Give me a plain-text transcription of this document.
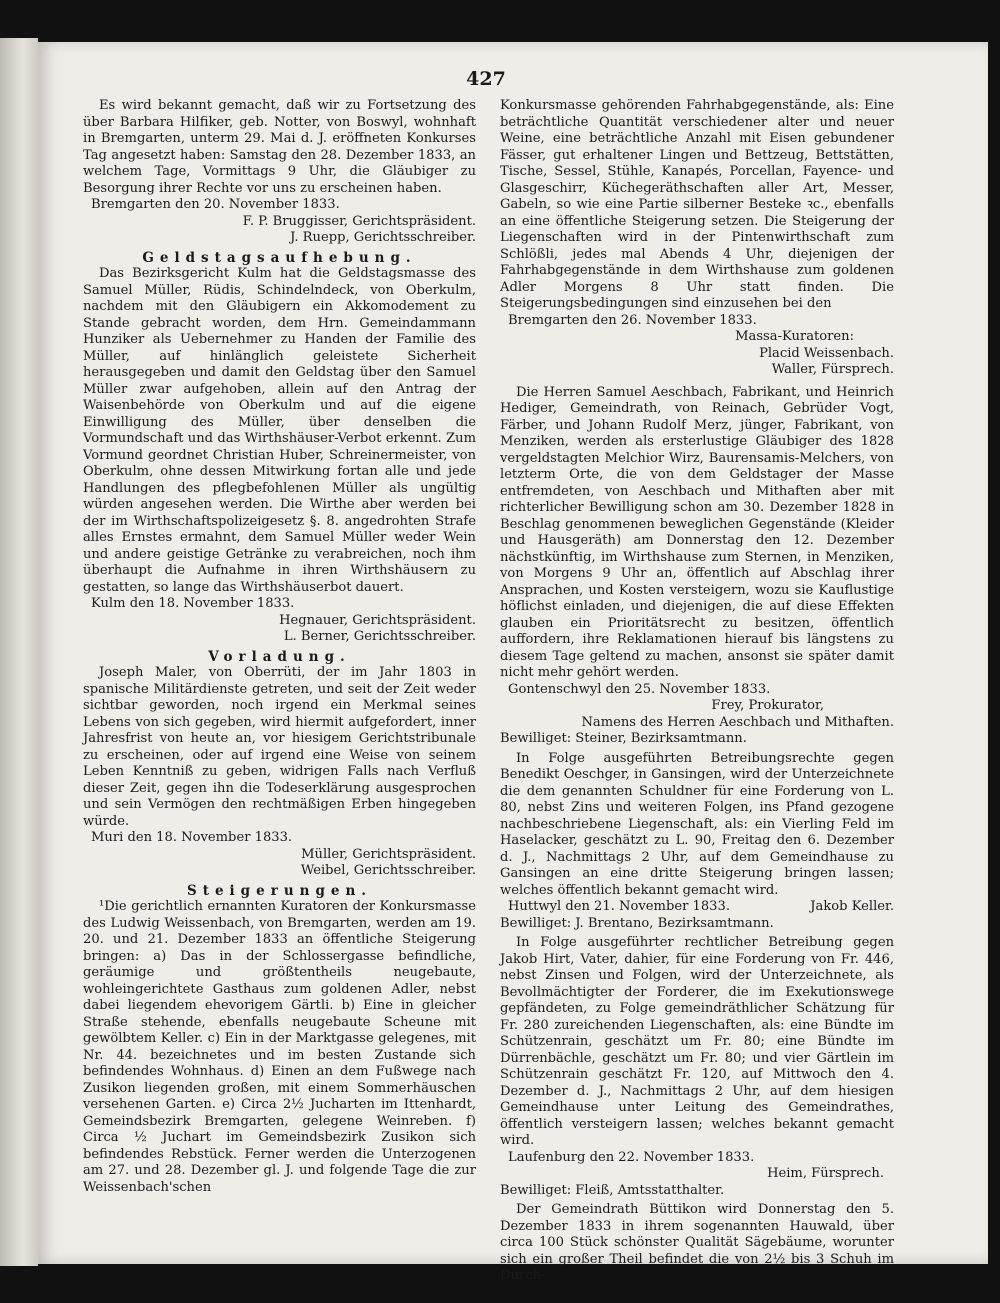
427

Es wird bekannt gemacht, daß wir zu Fortsetzung des über Barbara Hilfiker, geb. Notter, von Boswyl, wohnhaft in Bremgarten, unterm 29. Mai d. J. eröffneten Konkurses Tag angesetzt haben: Samstag den 28. Dezember 1833, an welchem Tage, Vormittags 9 Uhr, die Gläubiger zu Besorgung ihrer Rechte vor uns zu erscheinen haben.

Bremgarten den 20. November 1833.

F. P. Bruggisser, Gerichtspräsident.

J. Ruepp, Gerichtsschreiber.

Geldstagsaufhebung.

Das Bezirksgericht Kulm hat die Geldstagsmasse des Samuel Müller, Rüdis, Schindelndeck, von Oberkulm, nachdem mit den Gläubigern ein Akkomodement zu Stande gebracht worden, dem Hrn. Gemeindammann Hunziker als Uebernehmer zu Handen der Familie des Müller, auf hinlänglich geleistete Sicherheit herausgegeben und damit den Geldstag über den Samuel Müller zwar aufgehoben, allein auf den Antrag der Waisenbehörde von Oberkulm und auf die eigene Einwilligung des Müller, über denselben die Vormundschaft und das Wirthshäuser-Verbot erkennt. Zum Vormund geordnet Christian Huber, Schreinermeister, von Oberkulm, ohne dessen Mitwirkung fortan alle und jede Handlungen des pflegbefohlenen Müller als ungültig würden angesehen werden. Die Wirthe aber werden bei der im Wirthschaftspolizeigesetz §. 8. angedrohten Strafe alles Ernstes ermahnt, dem Samuel Müller weder Wein und andere geistige Getränke zu verabreichen, noch ihm überhaupt die Aufnahme in ihren Wirthshäusern zu gestatten, so lange das Wirthshäuserbot dauert.

Kulm den 18. November 1833.

Hegnauer, Gerichtspräsident.

L. Berner, Gerichtsschreiber.

Vorladung.

Joseph Maler, von Oberrüti, der im Jahr 1803 in spanische Militärdienste getreten, und seit der Zeit weder sichtbar geworden, noch irgend ein Merkmal seines Lebens von sich gegeben, wird hiermit aufgefordert, inner Jahresfrist von heute an, vor hiesigem Gerichtstribunale zu erscheinen, oder auf irgend eine Weise von seinem Leben Kenntniß zu geben, widrigen Falls nach Verfluß dieser Zeit, gegen ihn die Todeserklärung ausgesprochen und sein Vermögen den rechtmäßigen Erben hingegeben würde.

Muri den 18. November 1833.

Müller, Gerichtspräsident.

Weibel, Gerichtsschreiber.

Steigerungen.

¹Die gerichtlich ernannten Kuratoren der Konkursmasse des Ludwig Weissenbach, von Bremgarten, werden am 19. 20. und 21. Dezember 1833 an öffentliche Steigerung bringen: a) Das in der Schlossergasse befindliche, geräumige und größtentheils neugebaute, wohleingerichtete Gasthaus zum goldenen Adler, nebst dabei liegendem ehevorigem Gärtli. b) Eine in gleicher Straße stehende, ebenfalls neugebaute Scheune mit gewölbtem Keller. c) Ein in der Marktgasse gelegenes, mit Nr. 44. bezeichnetes und im besten Zustande sich befindendes Wohnhaus. d) Einen an dem Fußwege nach Zusikon liegenden großen, mit einem Sommerhäuschen versehenen Garten. e) Circa 2½ Jucharten im Ittenhardt, Gemeindsbezirk Bremgarten, gelegene Weinreben. f) Circa ½ Juchart im Gemeindsbezirk Zusikon sich befindendes Rebstück. Ferner werden die Unterzogenen am 27. und 28. Dezember gl. J. und folgende Tage die zur Weissenbach'schen

Konkursmasse gehörenden Fahrhabgegenstände, als: Eine beträchtliche Quantität verschiedener alter und neuer Weine, eine beträchtliche Anzahl mit Eisen gebundener Fässer, gut erhaltener Lingen und Bettzeug, Bettstätten, Tische, Sessel, Stühle, Kanapés, Porcellan, Fayence- und Glasgeschirr, Küchegeräthschaften aller Art, Messer, Gabeln, so wie eine Partie silberner Besteke ꝛc., ebenfalls an eine öffentliche Steigerung setzen. Die Steigerung der Liegenschaften wird in der Pintenwirthschaft zum Schlößli, jedes mal Abends 4 Uhr, diejenigen der Fahrhabgegenstände in dem Wirthshause zum goldenen Adler Morgens 8 Uhr statt finden. Die Steigerungsbedingungen sind einzusehen bei den

Bremgarten den 26. November 1833.

Massa-Kuratoren:

Placid Weissenbach.

Waller, Fürsprech.

Die Herren Samuel Aeschbach, Fabrikant, und Heinrich Hediger, Gemeindrath, von Reinach, Gebrüder Vogt, Färber, und Johann Rudolf Merz, jünger, Fabrikant, von Menziken, werden als ersterlustige Gläubiger des 1828 vergeldstagten Melchior Wirz, Baurensamis-Melchers, von letzterm Orte, die von dem Geldstager der Masse entfremdeten, von Aeschbach und Mithaften aber mit richterlicher Bewilligung schon am 30. Dezember 1828 in Beschlag genommenen beweglichen Gegenstände (Kleider und Hausgeräth) am Donnerstag den 12. Dezember nächstkünftig, im Wirthshause zum Sternen, in Menziken, von Morgens 9 Uhr an, öffentlich auf Abschlag ihrer Ansprachen, und Kosten versteigern, wozu sie Kauflustige höflichst einladen, und diejenigen, die auf diese Effekten glauben ein Prioritätsrecht zu besitzen, öffentlich auffordern, ihre Reklamationen hierauf bis längstens zu diesem Tage geltend zu machen, ansonst sie später damit nicht mehr gehört werden.

Gontenschwyl den 25. November 1833.

Frey, Prokurator,

Namens des Herren Aeschbach und Mithaften.

Bewilliget: Steiner, Bezirksamtmann.

In Folge ausgeführten Betreibungsrechte gegen Benedikt Oeschger, in Gansingen, wird der Unterzeichnete die dem genannten Schuldner für eine Forderung von L. 80, nebst Zins und weiteren Folgen, ins Pfand gezogene nachbeschriebene Liegenschaft, als: ein Vierling Feld im Haselacker, geschätzt zu L. 90, Freitag den 6. Dezember d. J., Nachmittags 2 Uhr, auf dem Gemeindhause zu Gansingen an eine dritte Steigerung bringen lassen; welches öffentlich bekannt gemacht wird.

Huttwyl den 21. November 1833.	Jakob Keller.

Bewilliget: J. Brentano, Bezirksamtmann.

In Folge ausgeführter rechtlicher Betreibung gegen Jakob Hirt, Vater, dahier, für eine Forderung von Fr. 446, nebst Zinsen und Folgen, wird der Unterzeichnete, als Bevollmächtigter der Forderer, die im Exekutionswege gepfändeten, zu Folge gemeindräthlicher Schätzung für Fr. 280 zureichenden Liegenschaften, als: eine Bündte im Schützenrain, geschätzt um Fr. 80; eine Bündte im Dürrenbächle, geschätzt um Fr. 80; und vier Gärtlein im Schützenrain geschätzt Fr. 120, auf Mittwoch den 4. Dezember d. J., Nachmittags 2 Uhr, auf dem hiesigen Gemeindhause unter Leitung des Gemeindrathes, öffentlich versteigern lassen; welches bekannt gemacht wird.

Laufenburg den 22. November 1833.

Heim, Fürsprech.

Bewilliget: Fleiß, Amtsstatthalter.

Der Gemeindrath Büttikon wird Donnerstag den 5. Dezember 1833 in ihrem sogenannten Hauwald, über circa 100 Stück schönster Qualität Sägebäume, worunter sich ein großer Theil befindet die von 2½ bis 3 Schuh im Durch-
